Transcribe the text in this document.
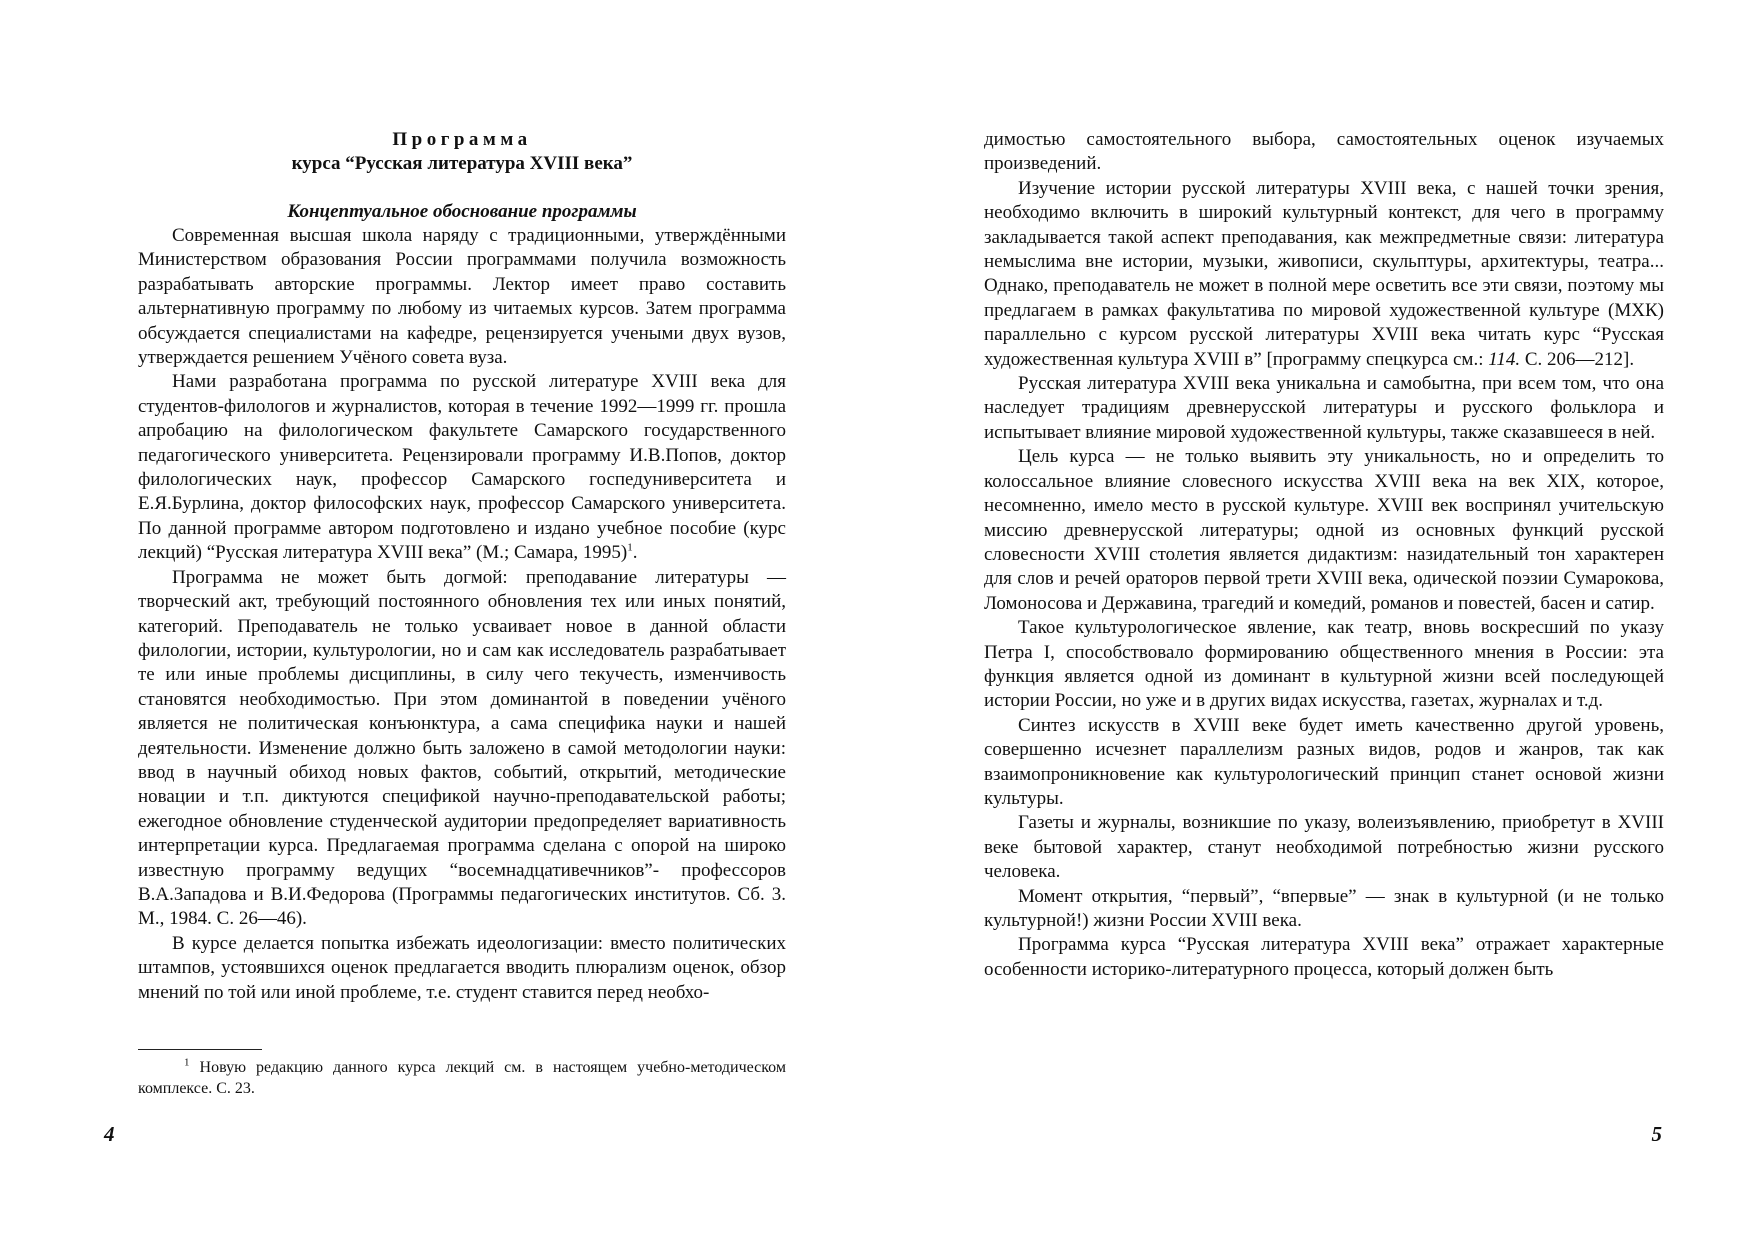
Программа
курса “Русская литература XVIII века”
Концептуальное обоснование программы

Современная высшая школа наряду с традиционными, утверждёнными Министерством образования России программами получила возможность разрабатывать авторские программы. Лектор имеет право составить альтернативную программу по любому из читаемых курсов. Затем программа обсуждается специалистами на кафедре, рецензируется учеными двух вузов, утверждается решением Учёного совета вуза.

Нами разработана программа по русской литературе XVIII века для студентов-филологов и журналистов, которая в течение 1992—1999 гг. прошла апробацию на филологическом факультете Самарского государственного педагогического университета. Рецензировали программу И.В.Попов, доктор филологических наук, профессор Самарского госпедуниверситета и Е.Я.Бурлина, доктор философских наук, профессор Самарского университета. По данной программе автором подготовлено и издано учебное пособие (курс лекций) “Русская литература XVIII века” (М.; Самара, 1995)$^1$.

Программа не может быть догмой: преподавание литературы — творческий акт, требующий постоянного обновления тех или иных понятий, категорий. Преподаватель не только усваивает новое в данной области филологии, истории, культурологии, но и сам как исследователь разрабатывает те или иные проблемы дисциплины, в силу чего текучесть, изменчивость становятся необходимостью. При этом доминантой в поведении учёного является не политическая конъюнктура, а сама специфика науки и нашей деятельности. Изменение должно быть заложено в самой методологии науки: ввод в научный обиход новых фактов, событий, открытий, методические новации и т.п. диктуются спецификой научно-преподавательской работы; ежегодное обновление студенческой аудитории предопределяет вариативность интерпретации курса. Предлагаемая программа сделана с опорой на широко известную программу ведущих “восемнадцативечников”- профессоров В.А.Западова и В.И.Федорова (Программы педагогических институтов. Сб. 3. М., 1984. С. 26—46).

В курсе делается попытка избежать идеологизации: вместо политических штампов, устоявшихся оценок предлагается вводить плюрализм оценок, обзор мнений по той или иной проблеме, т.е. студент ставится перед необхо-

$^1$ Новую редакцию данного курса лекций см. в настоящем учебно-методическом комплексе. С. 23.
4

димостью самостоятельного выбора, самостоятельных оценок изучаемых произведений.

Изучение истории русской литературы XVIII века, с нашей точки зрения, необходимо включить в широкий культурный контекст, для чего в программу закладывается такой аспект преподавания, как межпредметные связи: литература немыслима вне истории, музыки, живописи, скульптуры, архитектуры, театра... Однако, преподаватель не может в полной мере осветить все эти связи, поэтому мы предлагаем в рамках факультатива по мировой художественной культуре (МХК) параллельно с курсом русской литературы XVIII века читать курс “Русская художественная культура XVIII в” [программу спецкурса см.: 114. С. 206—212].

Русская литература XVIII века уникальна и самобытна, при всем том, что она наследует традициям древнерусской литературы и русского фольклора и испытывает влияние мировой художественной культуры, также сказавшееся в ней.

Цель курса — не только выявить эту уникальность, но и определить то колоссальное влияние словесного искусства XVIII века на век XIX, которое, несомненно, имело место в русской культуре. XVIII век воспринял учительскую миссию древнерусской литературы; одной из основных функций русской словесности XVIII столетия является дидактизм: назидательный тон характерен для слов и речей ораторов первой трети XVIII века, одической поэзии Сумарокова, Ломоносова и Державина, трагедий и комедий, романов и повестей, басен и сатир.

Такое культурологическое явление, как театр, вновь воскресший по указу Петра I, способствовало формированию общественного мнения в России: эта функция является одной из доминант в культурной жизни всей последующей истории России, но уже и в других видах искусства, газетах, журналах и т.д.

Синтез искусств в XVIII веке будет иметь качественно другой уровень, совершенно исчезнет параллелизм разных видов, родов и жанров, так как взаимопроникновение как культурологический принцип станет основой жизни культуры.

Газеты и журналы, возникшие по указу, волеизъявлению, приобретут в XVIII веке бытовой характер, станут необходимой потребностью жизни русского человека.

Момент открытия, “первый”, “впервые” — знак в культурной (и не только культурной!) жизни России XVIII века.

Программа курса “Русская литература XVIII века” отражает характерные особенности историко-литературного процесса, который должен быть

5
